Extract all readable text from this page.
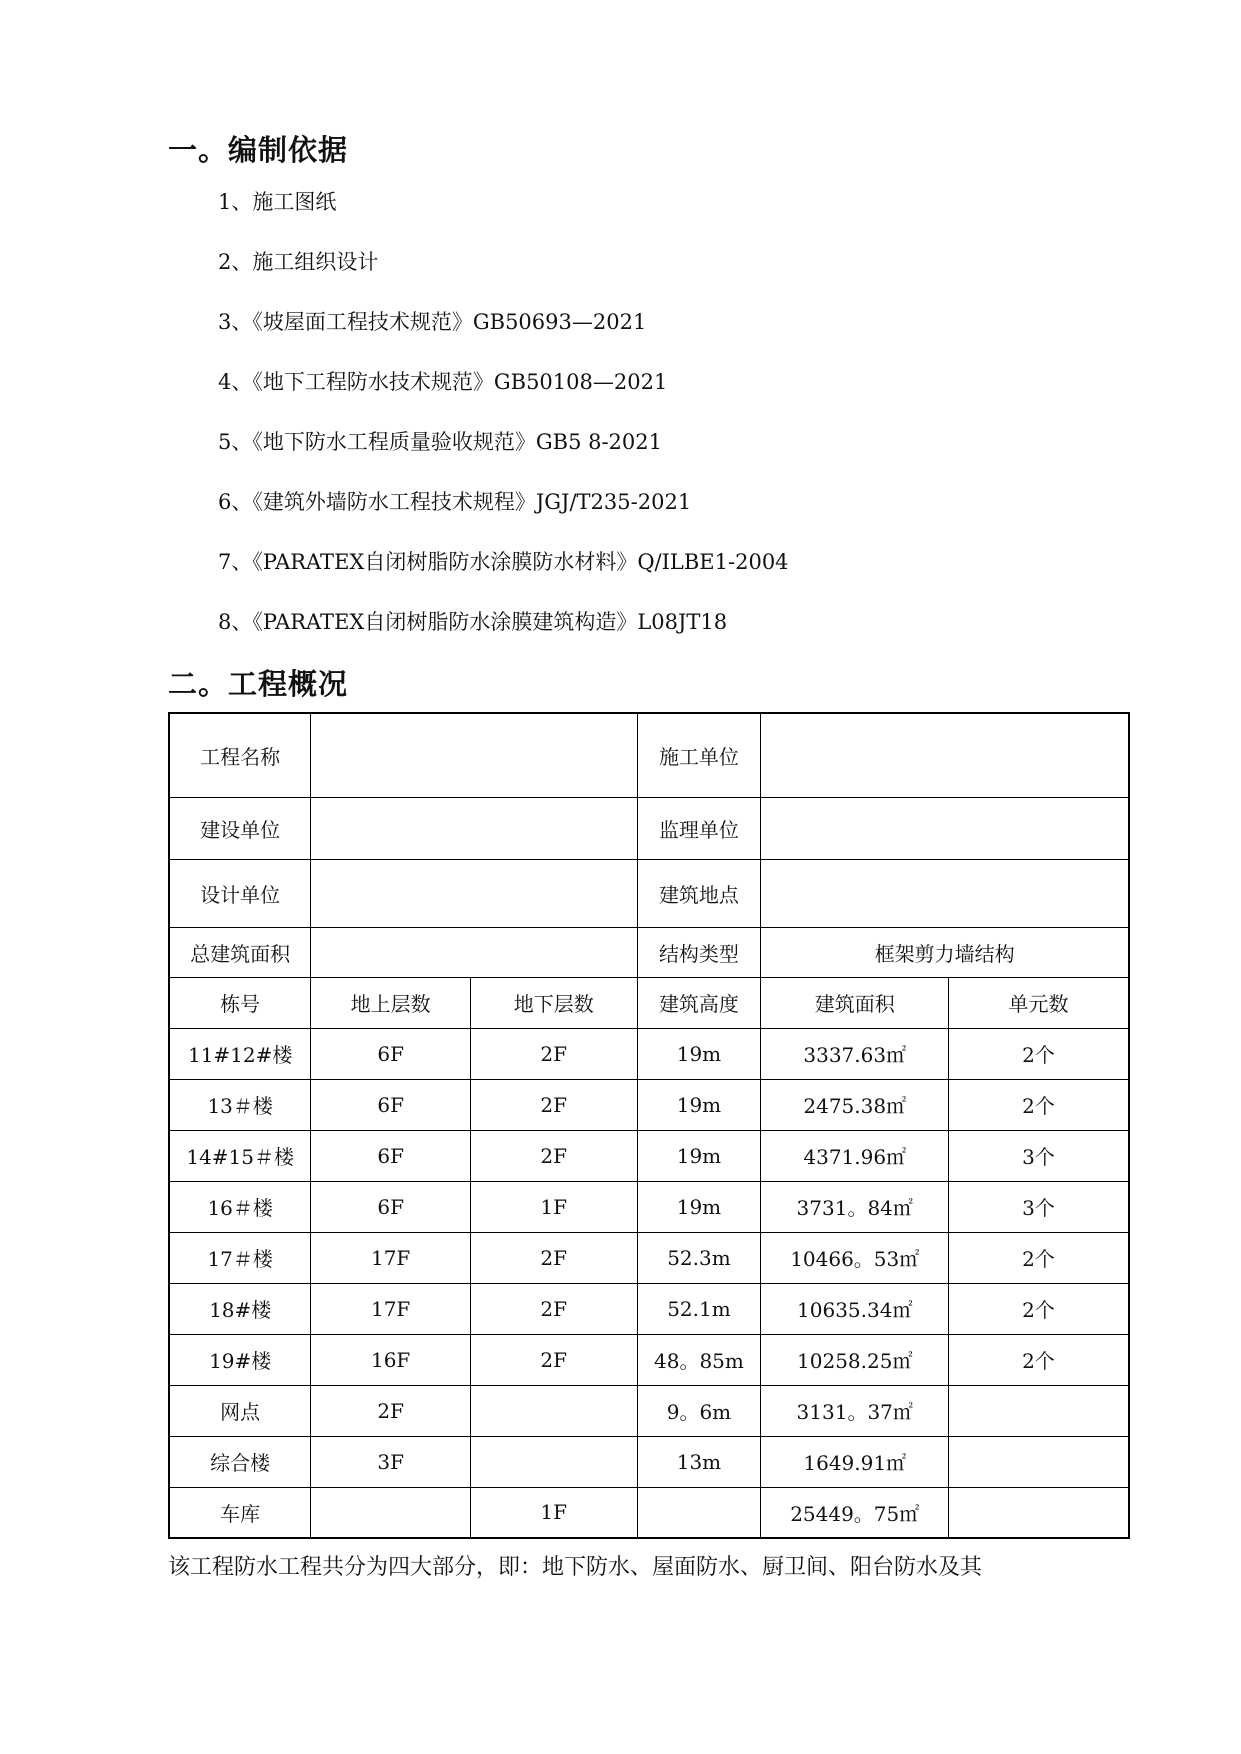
一。编制依据
1、施工图纸
2、施工组织设计
3、《坡屋面工程技术规范》GB50693—2021
4、《地下工程防水技术规范》GB50108—2021
5、《地下防水工程质量验收规范》GB5 8-2021
6、《建筑外墙防水工程技术规程》JGJ/T235-2021
7、《PARATEX自闭树脂防水涂膜防水材料》Q/ILBE1-2004
8、《PARATEX自闭树脂防水涂膜建筑构造》L08JT18
二。工程概况
工程名称			施工单位		
建设单位			监理单位		
设计单位			建筑地点		
总建筑面积			结构类型	框架剪力墙结构	
栋号	地上层数	地下层数	建筑高度	建筑面积	单元数
11#12#楼	6F	2F	19m	3337.63㎡	2个
13＃楼	6F	2F	19m	2475.38㎡	2个
14#15＃楼	6F	2F	19m	4371.96㎡	3个
16＃楼	6F	1F	19m	3731。84㎡	3个
17＃楼	17F	2F	52.3m	10466。53㎡	2个
18#楼	17F	2F	52.1m	10635.34㎡	2个
19#楼	16F	2F	48。85m	10258.25㎡	2个
网点	2F		9。6m	3131。37㎡	
综合楼	3F		13m	1649.91㎡	
车库		1F		25449。75㎡	

该工程防水工程共分为四大部分，即：地下防水、屋面防水、厨卫间、阳台防水及其
